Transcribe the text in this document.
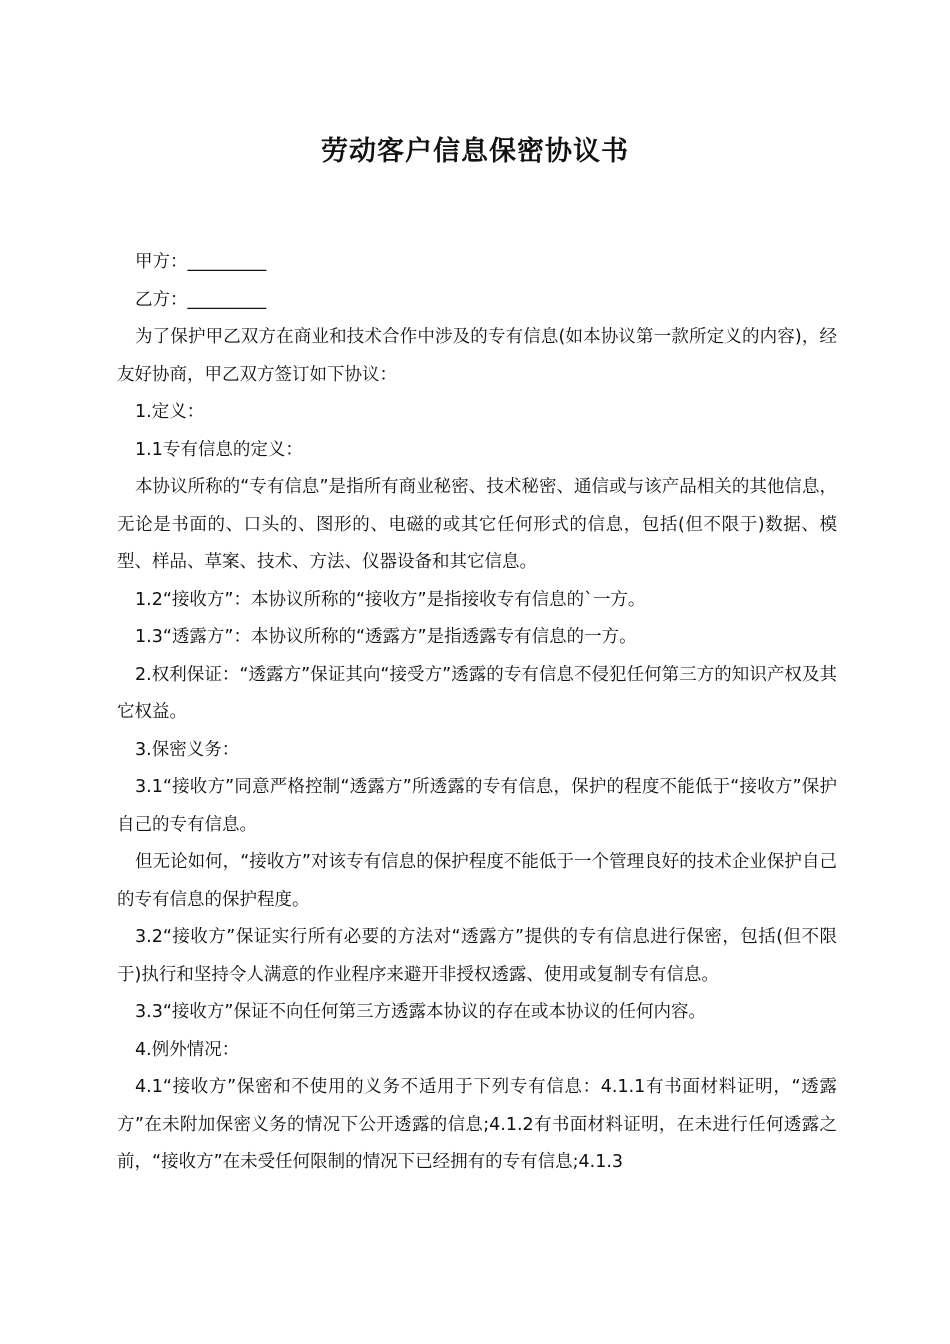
劳动客户信息保密协议书

甲方：_________

乙方：_________

为了保护甲乙双方在商业和技术合作中涉及的专有信息(如本协议第一款所定义的内容)，经友好协商，甲乙双方签订如下协议：

1.定义：

1.1专有信息的定义：

本协议所称的“专有信息”是指所有商业秘密、技术秘密、通信或与该产品相关的其他信息，无论是书面的、口头的、图形的、电磁的或其它任何形式的信息，包括(但不限于)数据、模型、样品、草案、技术、方法、仪器设备和其它信息。

1.2“接收方”：本协议所称的“接收方”是指接收专有信息的`一方。

1.3“透露方”：本协议所称的“透露方”是指透露专有信息的一方。

2.权利保证：“透露方”保证其向“接受方”透露的专有信息不侵犯任何第三方的知识产权及其它权益。

3.保密义务：

3.1“接收方”同意严格控制“透露方”所透露的专有信息，保护的程度不能低于“接收方”保护自己的专有信息。

但无论如何，“接收方”对该专有信息的保护程度不能低于一个管理良好的技术企业保护自己的专有信息的保护程度。

3.2“接收方”保证实行所有必要的方法对“透露方”提供的专有信息进行保密，包括(但不限于)执行和坚持令人满意的作业程序来避开非授权透露、使用或复制专有信息。

3.3“接收方”保证不向任何第三方透露本协议的存在或本协议的任何内容。

4.例外情况：

4.1“接收方”保密和不使用的义务不适用于下列专有信息：4.1.1有书面材料证明，“透露方”在未附加保密义务的情况下公开透露的信息;4.1.2有书面材料证明，在未进行任何透露之前，“接收方”在未受任何限制的情况下已经拥有的专有信息;4.1.3
